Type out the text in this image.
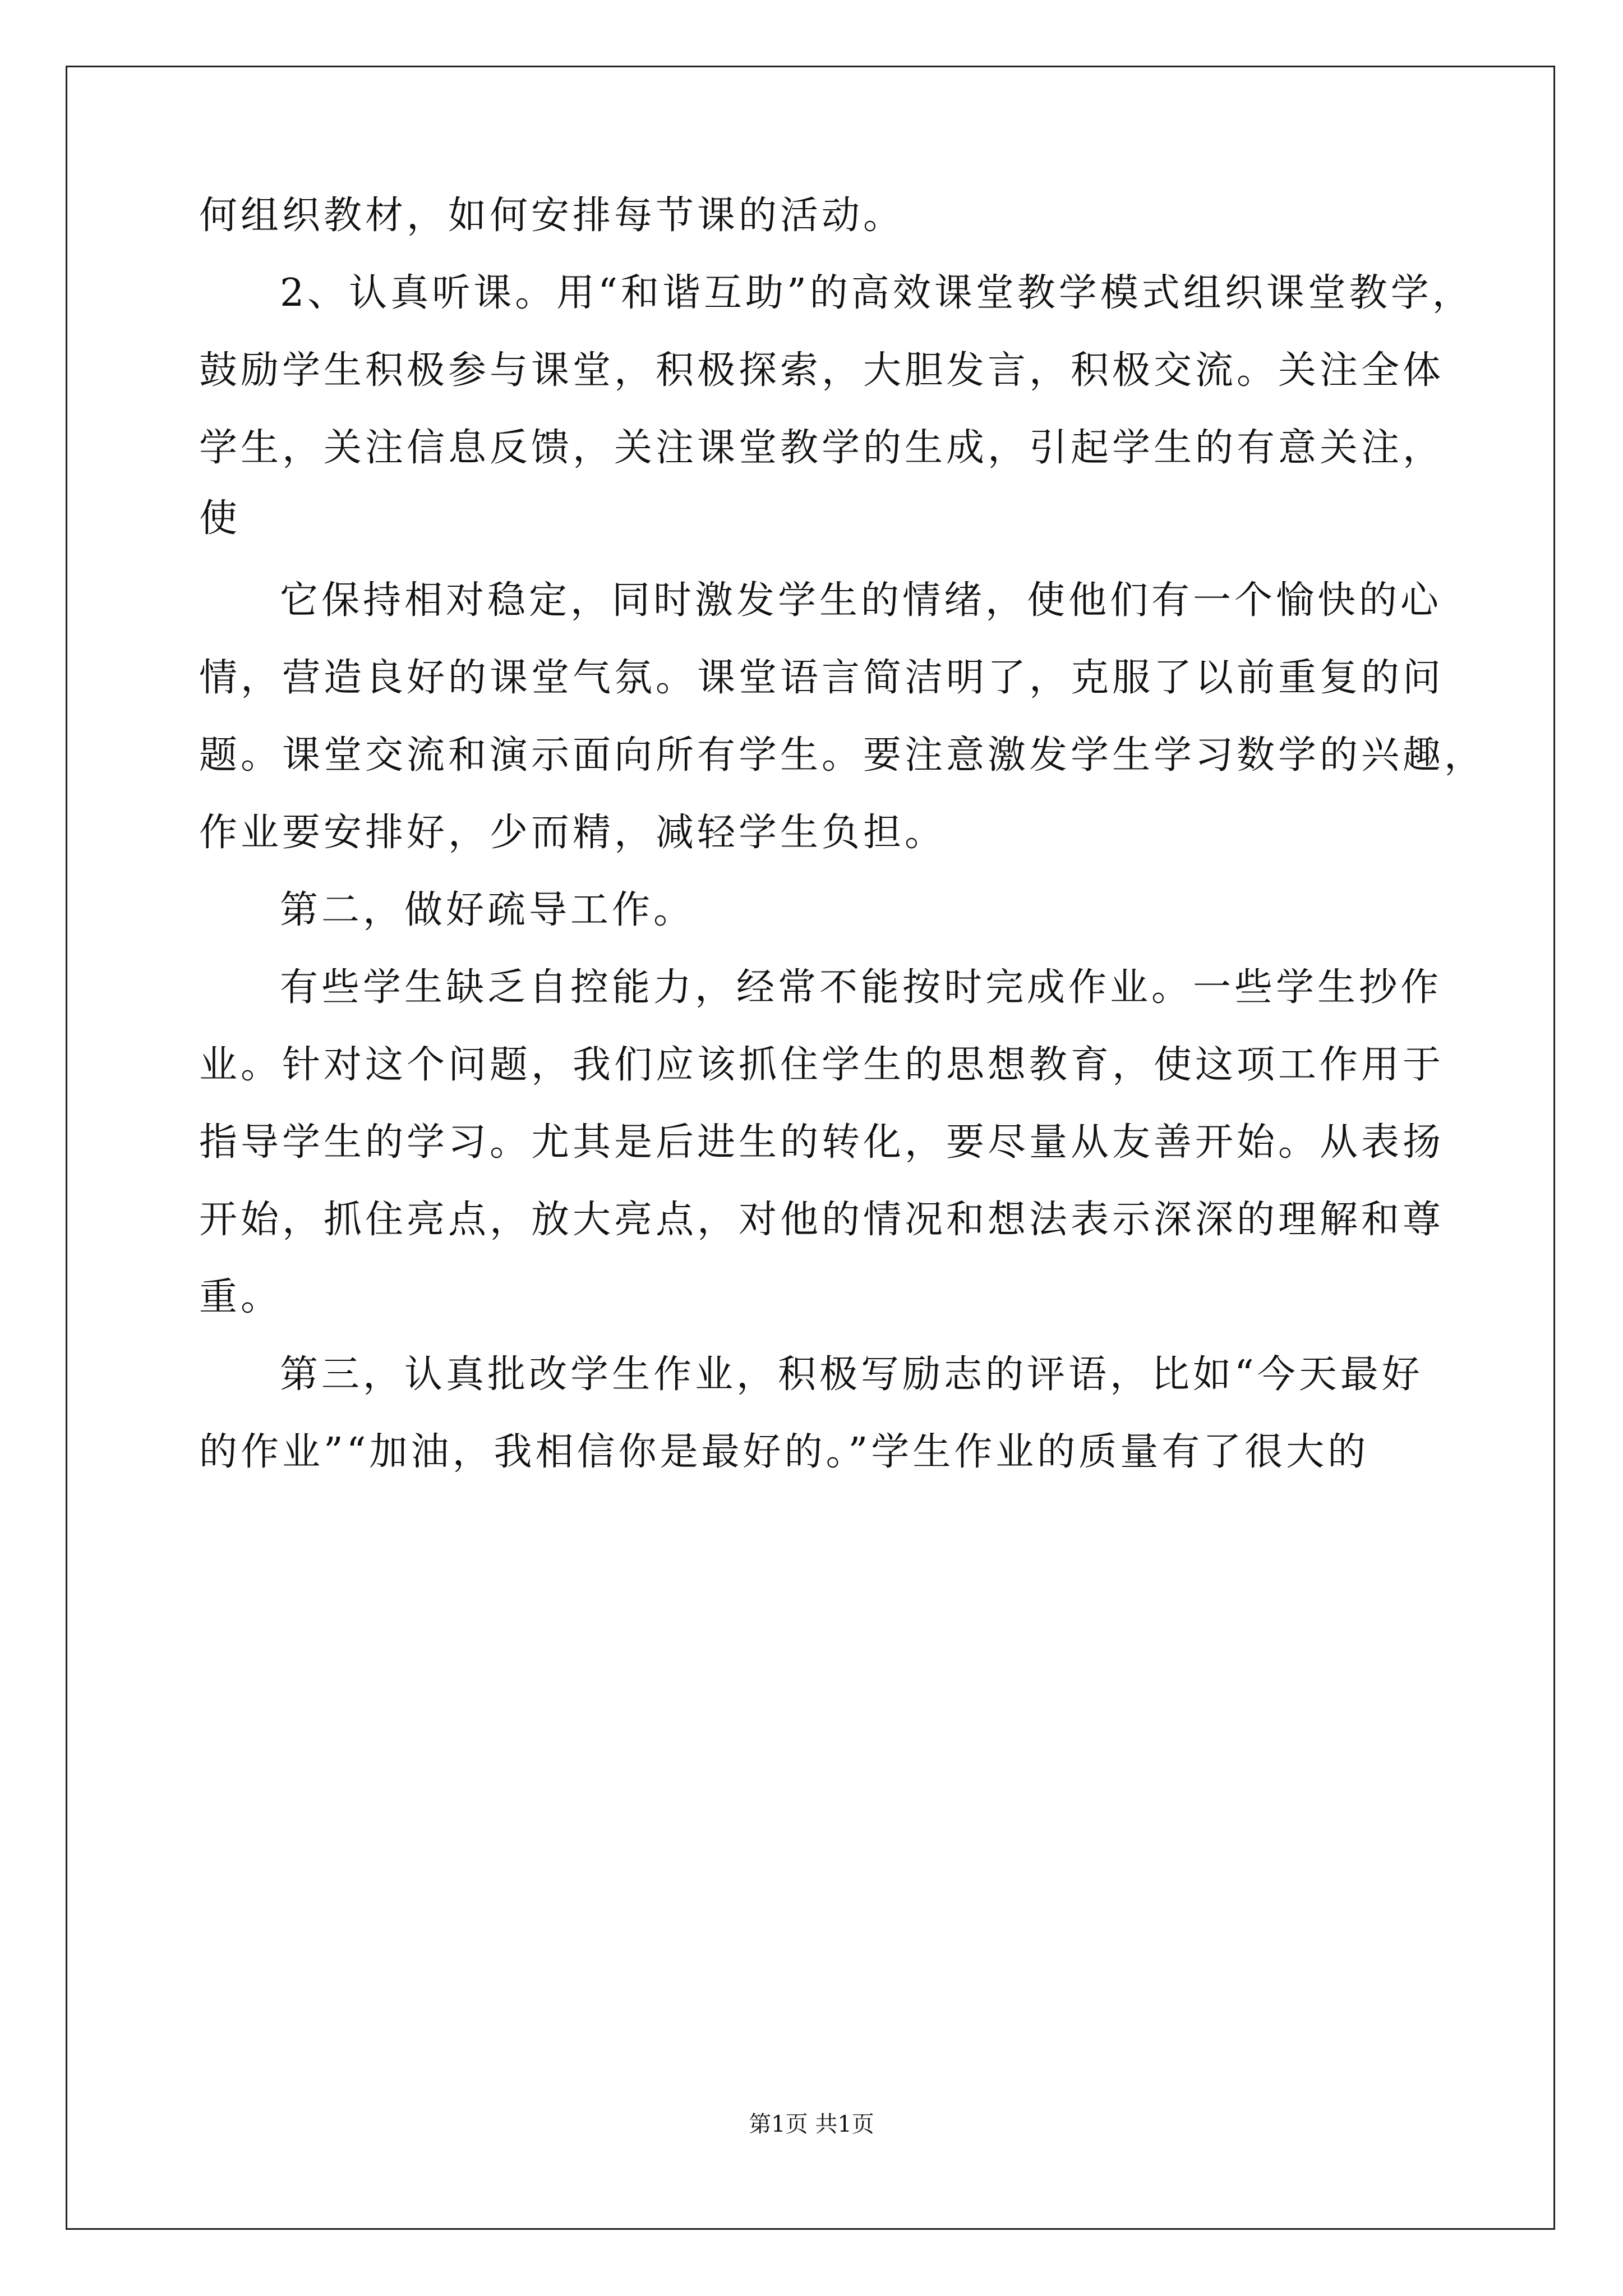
何组织教材，如何安排每节课的活动。
2、认真听课。用“和谐互助”的高效课堂教学模式组织课堂教学，
鼓励学生积极参与课堂，积极探索，大胆发言，积极交流。关注全体
学生，关注信息反馈，关注课堂教学的生成，引起学生的有意关注，
使
它保持相对稳定，同时激发学生的情绪，使他们有一个愉快的心
情，营造良好的课堂气氛。课堂语言简洁明了，克服了以前重复的问
题。课堂交流和演示面向所有学生。要注意激发学生学习数学的兴趣，
作业要安排好，少而精，减轻学生负担。
第二，做好疏导工作。
有些学生缺乏自控能力，经常不能按时完成作业。一些学生抄作
业。针对这个问题，我们应该抓住学生的思想教育，使这项工作用于
指导学生的学习。尤其是后进生的转化，要尽量从友善开始。从表扬
开始，抓住亮点，放大亮点，对他的情况和想法表示深深的理解和尊
重。
第三，认真批改学生作业，积极写励志的评语，比如“今天最好
的作业”“加油，我相信你是最好的。”学生作业的质量有了很大的
第1页 共1页
